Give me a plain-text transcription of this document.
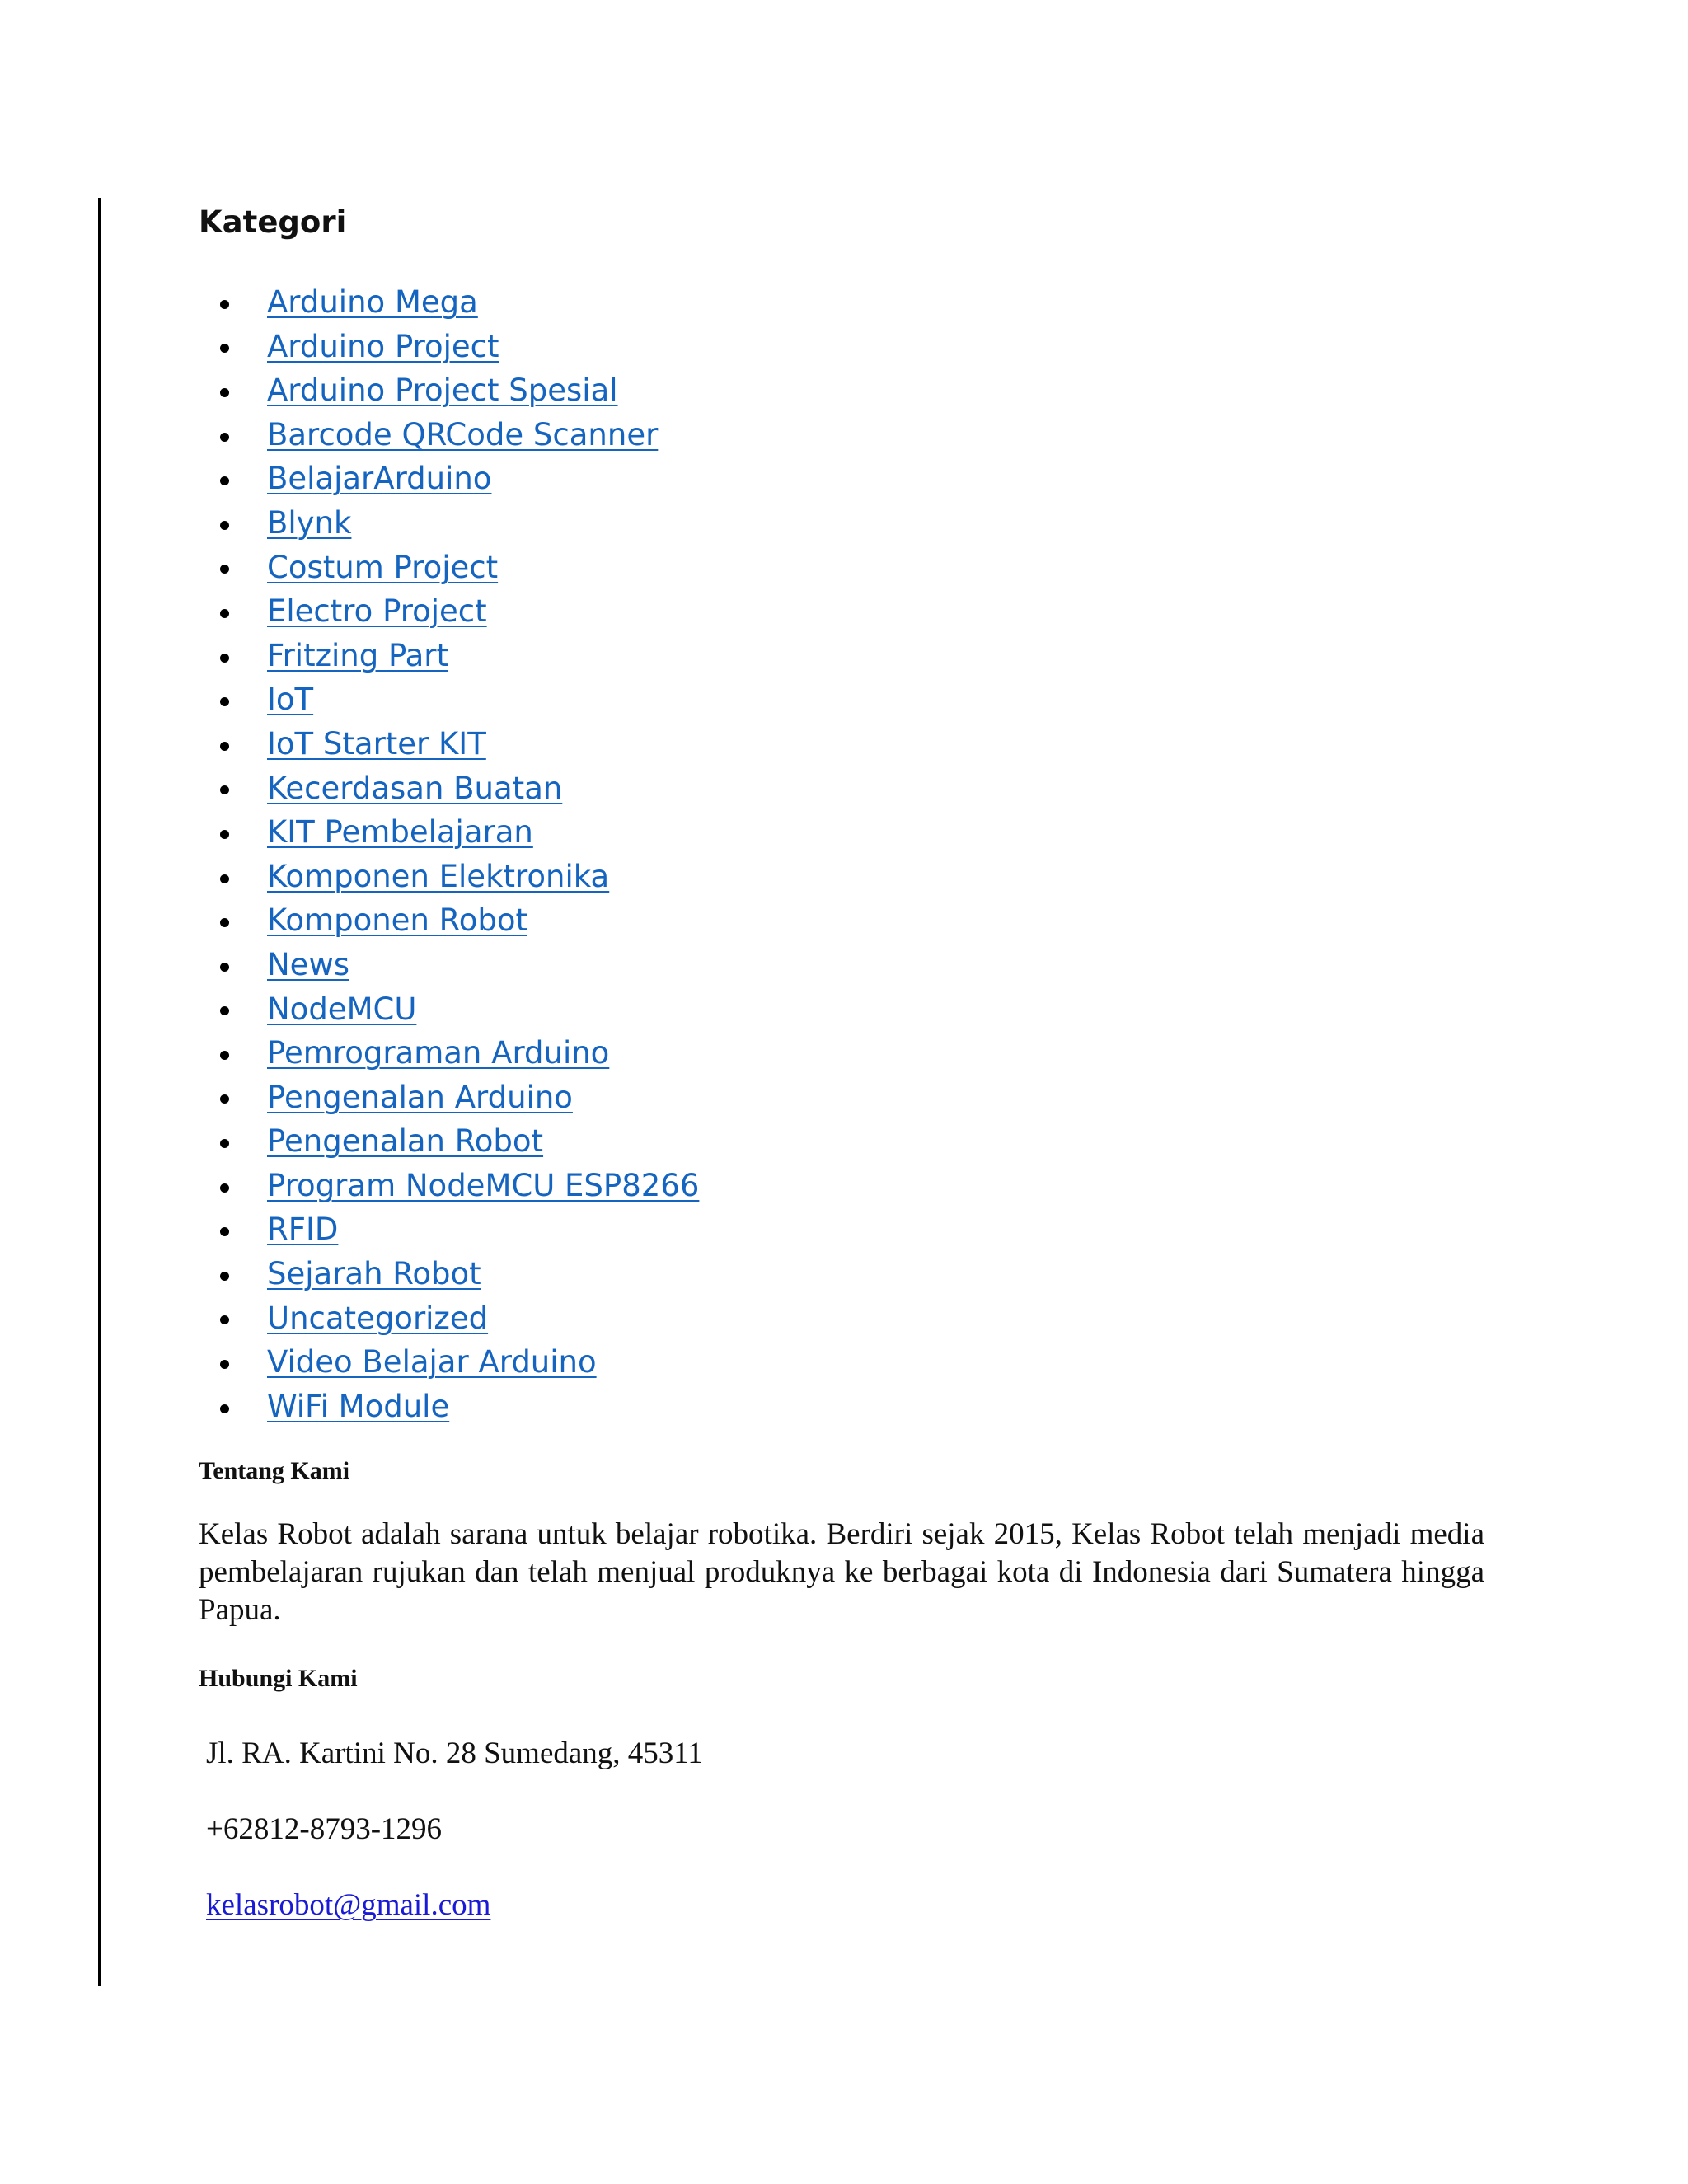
Kategori
Arduino Mega
Arduino Project
Arduino Project Spesial
Barcode QRCode Scanner
BelajarArduino
Blynk
Costum Project
Electro Project
Fritzing Part
IoT
IoT Starter KIT
Kecerdasan Buatan
KIT Pembelajaran
Komponen Elektronika
Komponen Robot
News
NodeMCU
Pemrograman Arduino
Pengenalan Arduino
Pengenalan Robot
Program NodeMCU ESP8266
RFID
Sejarah Robot
Uncategorized
Video Belajar Arduino
WiFi Module
Tentang Kami

Kelas Robot adalah sarana untuk belajar robotika. Berdiri sejak 2015, Kelas Robot telah menjadi media pembelajaran rujukan dan telah menjual produknya ke berbagai kota di Indonesia dari Sumatera hingga Papua.

Hubungi Kami

Jl. RA. Kartini No. 28 Sumedang, 45311

+62812-8793-1296

kelasrobot@gmail.com
